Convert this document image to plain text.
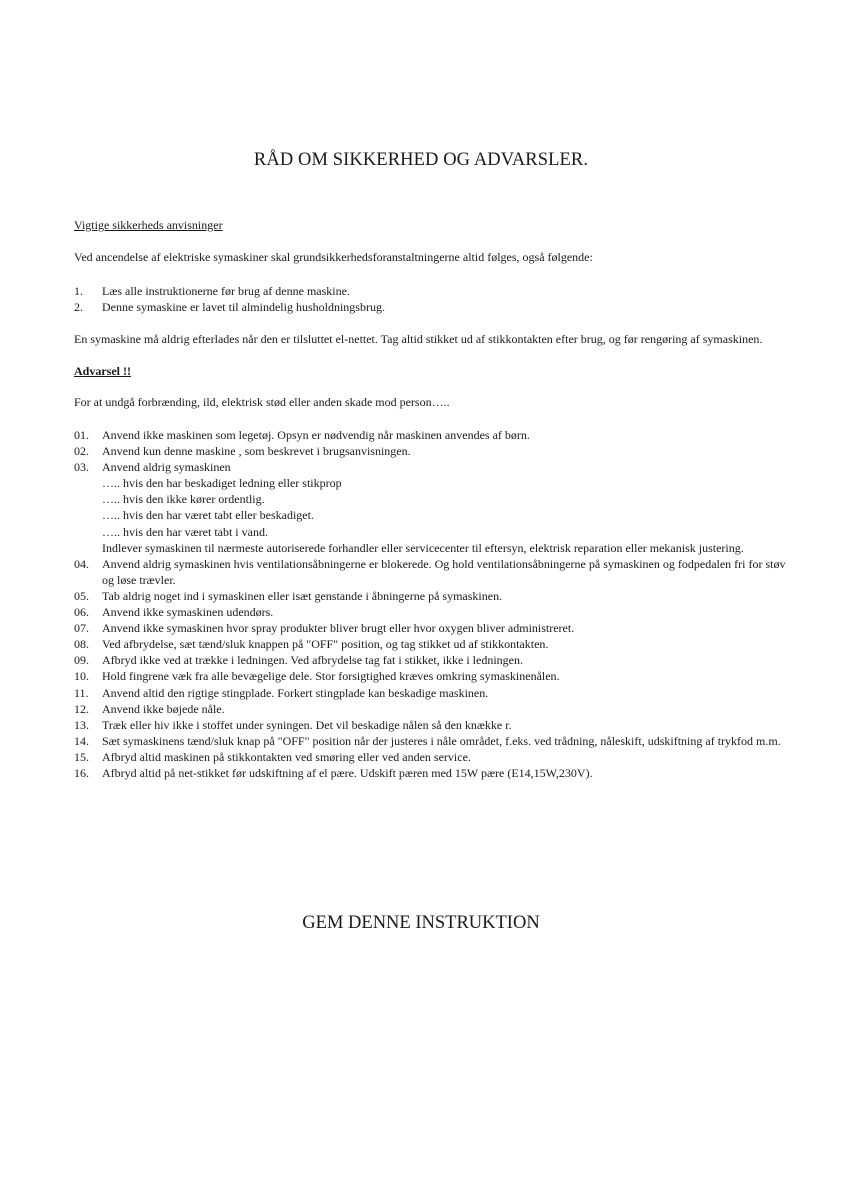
RÅD OM SIKKERHED OG ADVARSLER.
Vigtige sikkerheds anvisninger
Ved ancendelse af elektriske symaskiner skal grundsikkerhedsforanstaltningerne altid følges, også følgende:
1.	Læs alle instruktionerne før brug af denne maskine.
2.	Denne symaskine er lavet til almindelig husholdningsbrug.
En symaskine må aldrig efterlades når den er tilsluttet el-nettet. Tag altid stikket ud af stikkontakten efter brug, og før rengøring af symaskinen.
Advarsel !!
For at undgå forbrænding, ild, elektrisk stød eller anden skade mod person…..
01.	Anvend ikke maskinen som legetøj. Opsyn er nødvendig når maskinen anvendes af børn.
02.	Anvend kun denne maskine , som beskrevet i brugsanvisningen.
03.	Anvend aldrig symaskinen
….. hvis den har beskadiget ledning eller stikprop
….. hvis den ikke kører ordentlig.
….. hvis den har været tabt eller beskadiget.
….. hvis den har været tabt i vand.
Indlever symaskinen til nærmeste autoriserede forhandler eller servicecenter til eftersyn, elektrisk reparation eller mekanisk justering.
04.	Anvend aldrig symaskinen hvis ventilationsåbningerne er blokerede. Og hold ventilationsåbningerne på symaskinen og fodpedalen fri for støv og løse trævler.
05.	Tab aldrig noget ind i symaskinen eller isæt genstande i åbningerne på symaskinen.
06.	Anvend ikke symaskinen udendørs.
07.	Anvend ikke symaskinen hvor spray produkter bliver brugt eller hvor oxygen bliver administreret.
08.	Ved afbrydelse, sæt tænd/sluk knappen på "OFF" position, og tag stikket ud af stikkontakten.
09.	Afbryd ikke ved at trække i ledningen. Ved afbrydelse tag fat i stikket, ikke i ledningen.
10.	Hold fingrene væk fra alle bevægelige dele. Stor forsigtighed kræves omkring symaskinenålen.
11.	Anvend altid den rigtige stingplade. Forkert stingplade kan beskadige maskinen.
12.	Anvend ikke bøjede nåle.
13.	Træk eller hiv ikke i stoffet under syningen. Det vil beskadige nålen så den knække r.
14.	Sæt symaskinens tænd/sluk knap på "OFF" position når der justeres i nåle området, f.eks. ved trådning, nåleskift, udskiftning af trykfod m.m.
15.	Afbryd altid maskinen på stikkontakten ved smøring eller ved anden service.
16.	Afbryd altid på net-stikket før udskiftning af el pære. Udskift pæren med 15W pære (E14,15W,230V).
GEM DENNE INSTRUKTION
